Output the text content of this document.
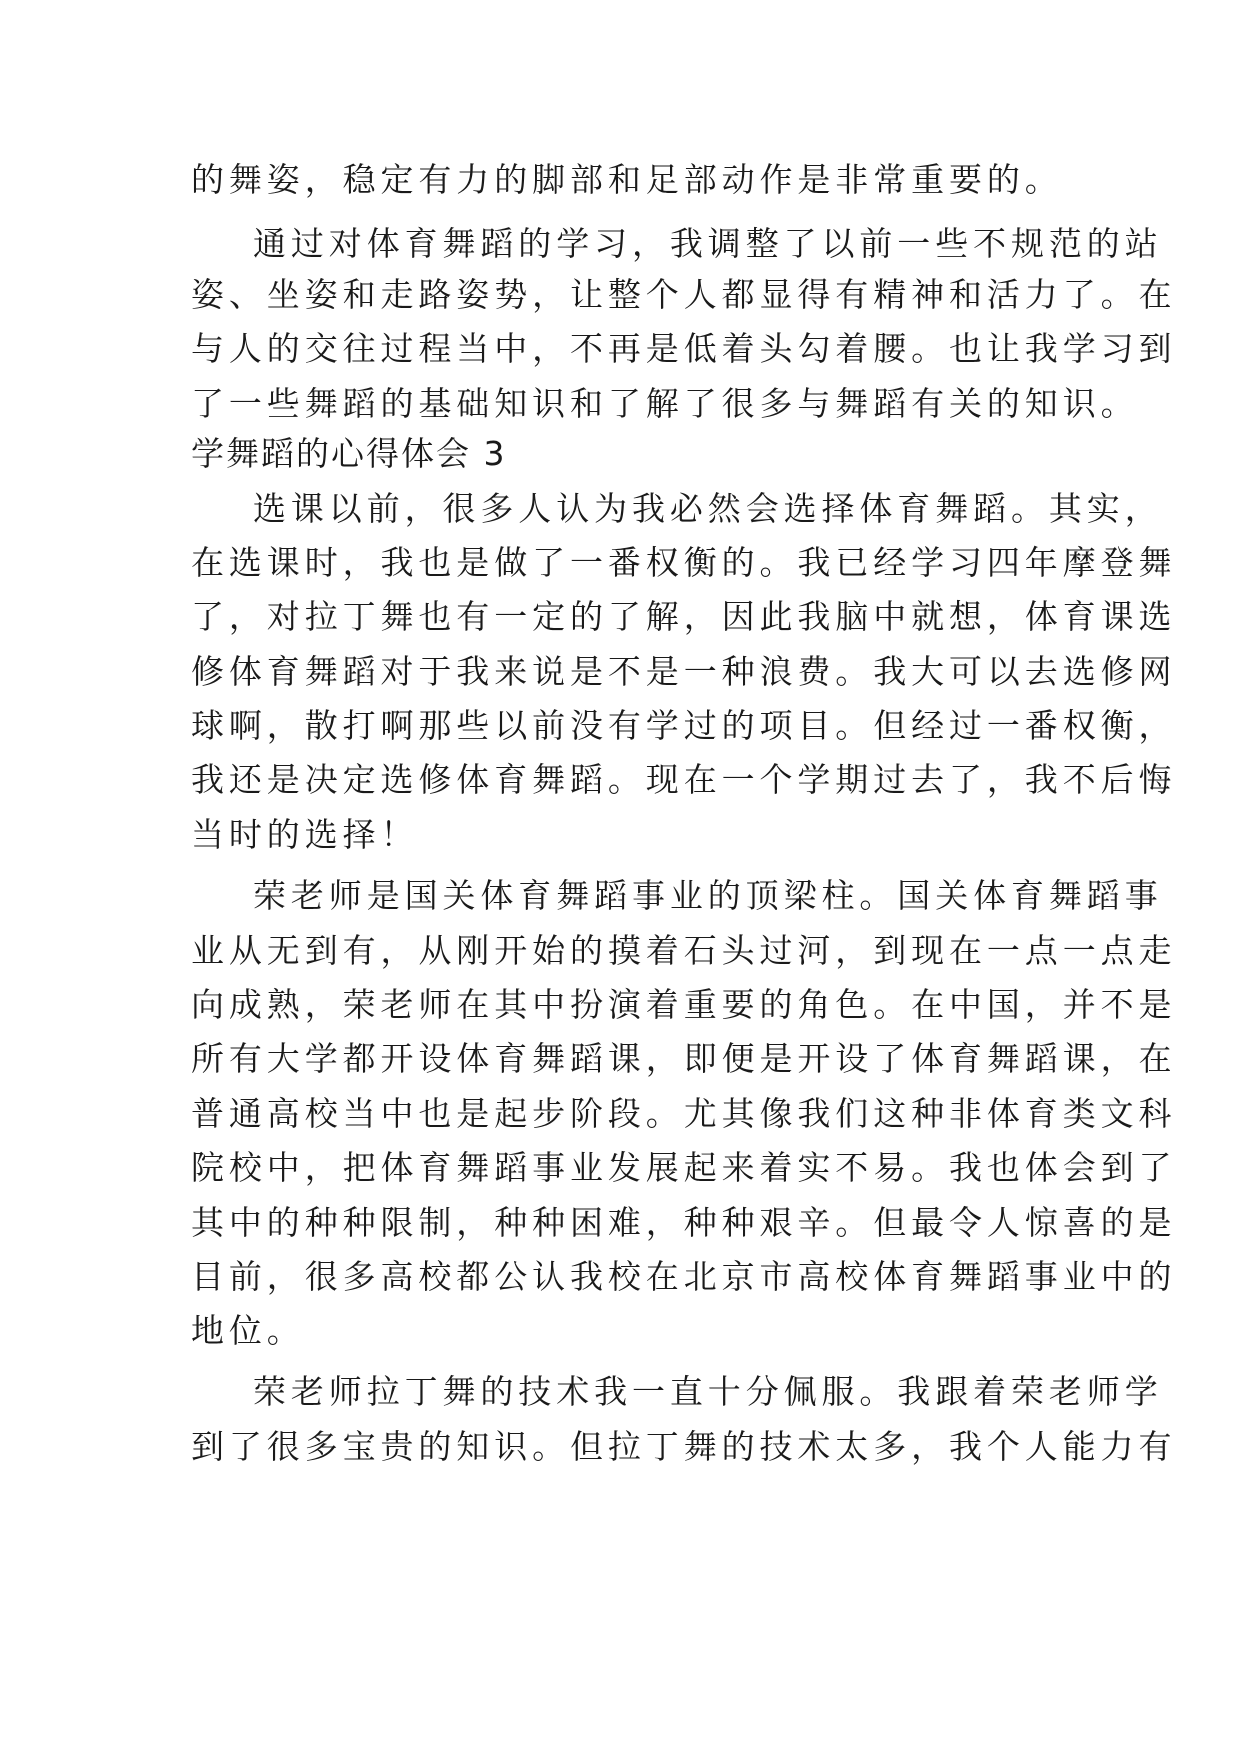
的舞姿，稳定有力的脚部和足部动作是非常重要的。
通过对体育舞蹈的学习，我调整了以前一些不规范的站
姿、坐姿和走路姿势，让整个人都显得有精神和活力了。在
与人的交往过程当中，不再是低着头勾着腰。也让我学习到
了一些舞蹈的基础知识和了解了很多与舞蹈有关的知识。
学舞蹈的心得体会 3
选课以前，很多人认为我必然会选择体育舞蹈。其实，
在选课时，我也是做了一番权衡的。我已经学习四年摩登舞
了，对拉丁舞也有一定的了解，因此我脑中就想，体育课选
修体育舞蹈对于我来说是不是一种浪费。我大可以去选修网
球啊，散打啊那些以前没有学过的项目。但经过一番权衡，
我还是决定选修体育舞蹈。现在一个学期过去了，我不后悔
当时的选择！
荣老师是国关体育舞蹈事业的顶梁柱。国关体育舞蹈事
业从无到有，从刚开始的摸着石头过河，到现在一点一点走
向成熟，荣老师在其中扮演着重要的角色。在中国，并不是
所有大学都开设体育舞蹈课，即便是开设了体育舞蹈课，在
普通高校当中也是起步阶段。尤其像我们这种非体育类文科
院校中，把体育舞蹈事业发展起来着实不易。我也体会到了
其中的种种限制，种种困难，种种艰辛。但最令人惊喜的是
目前，很多高校都公认我校在北京市高校体育舞蹈事业中的
地位。
荣老师拉丁舞的技术我一直十分佩服。我跟着荣老师学
到了很多宝贵的知识。但拉丁舞的技术太多，我个人能力有
